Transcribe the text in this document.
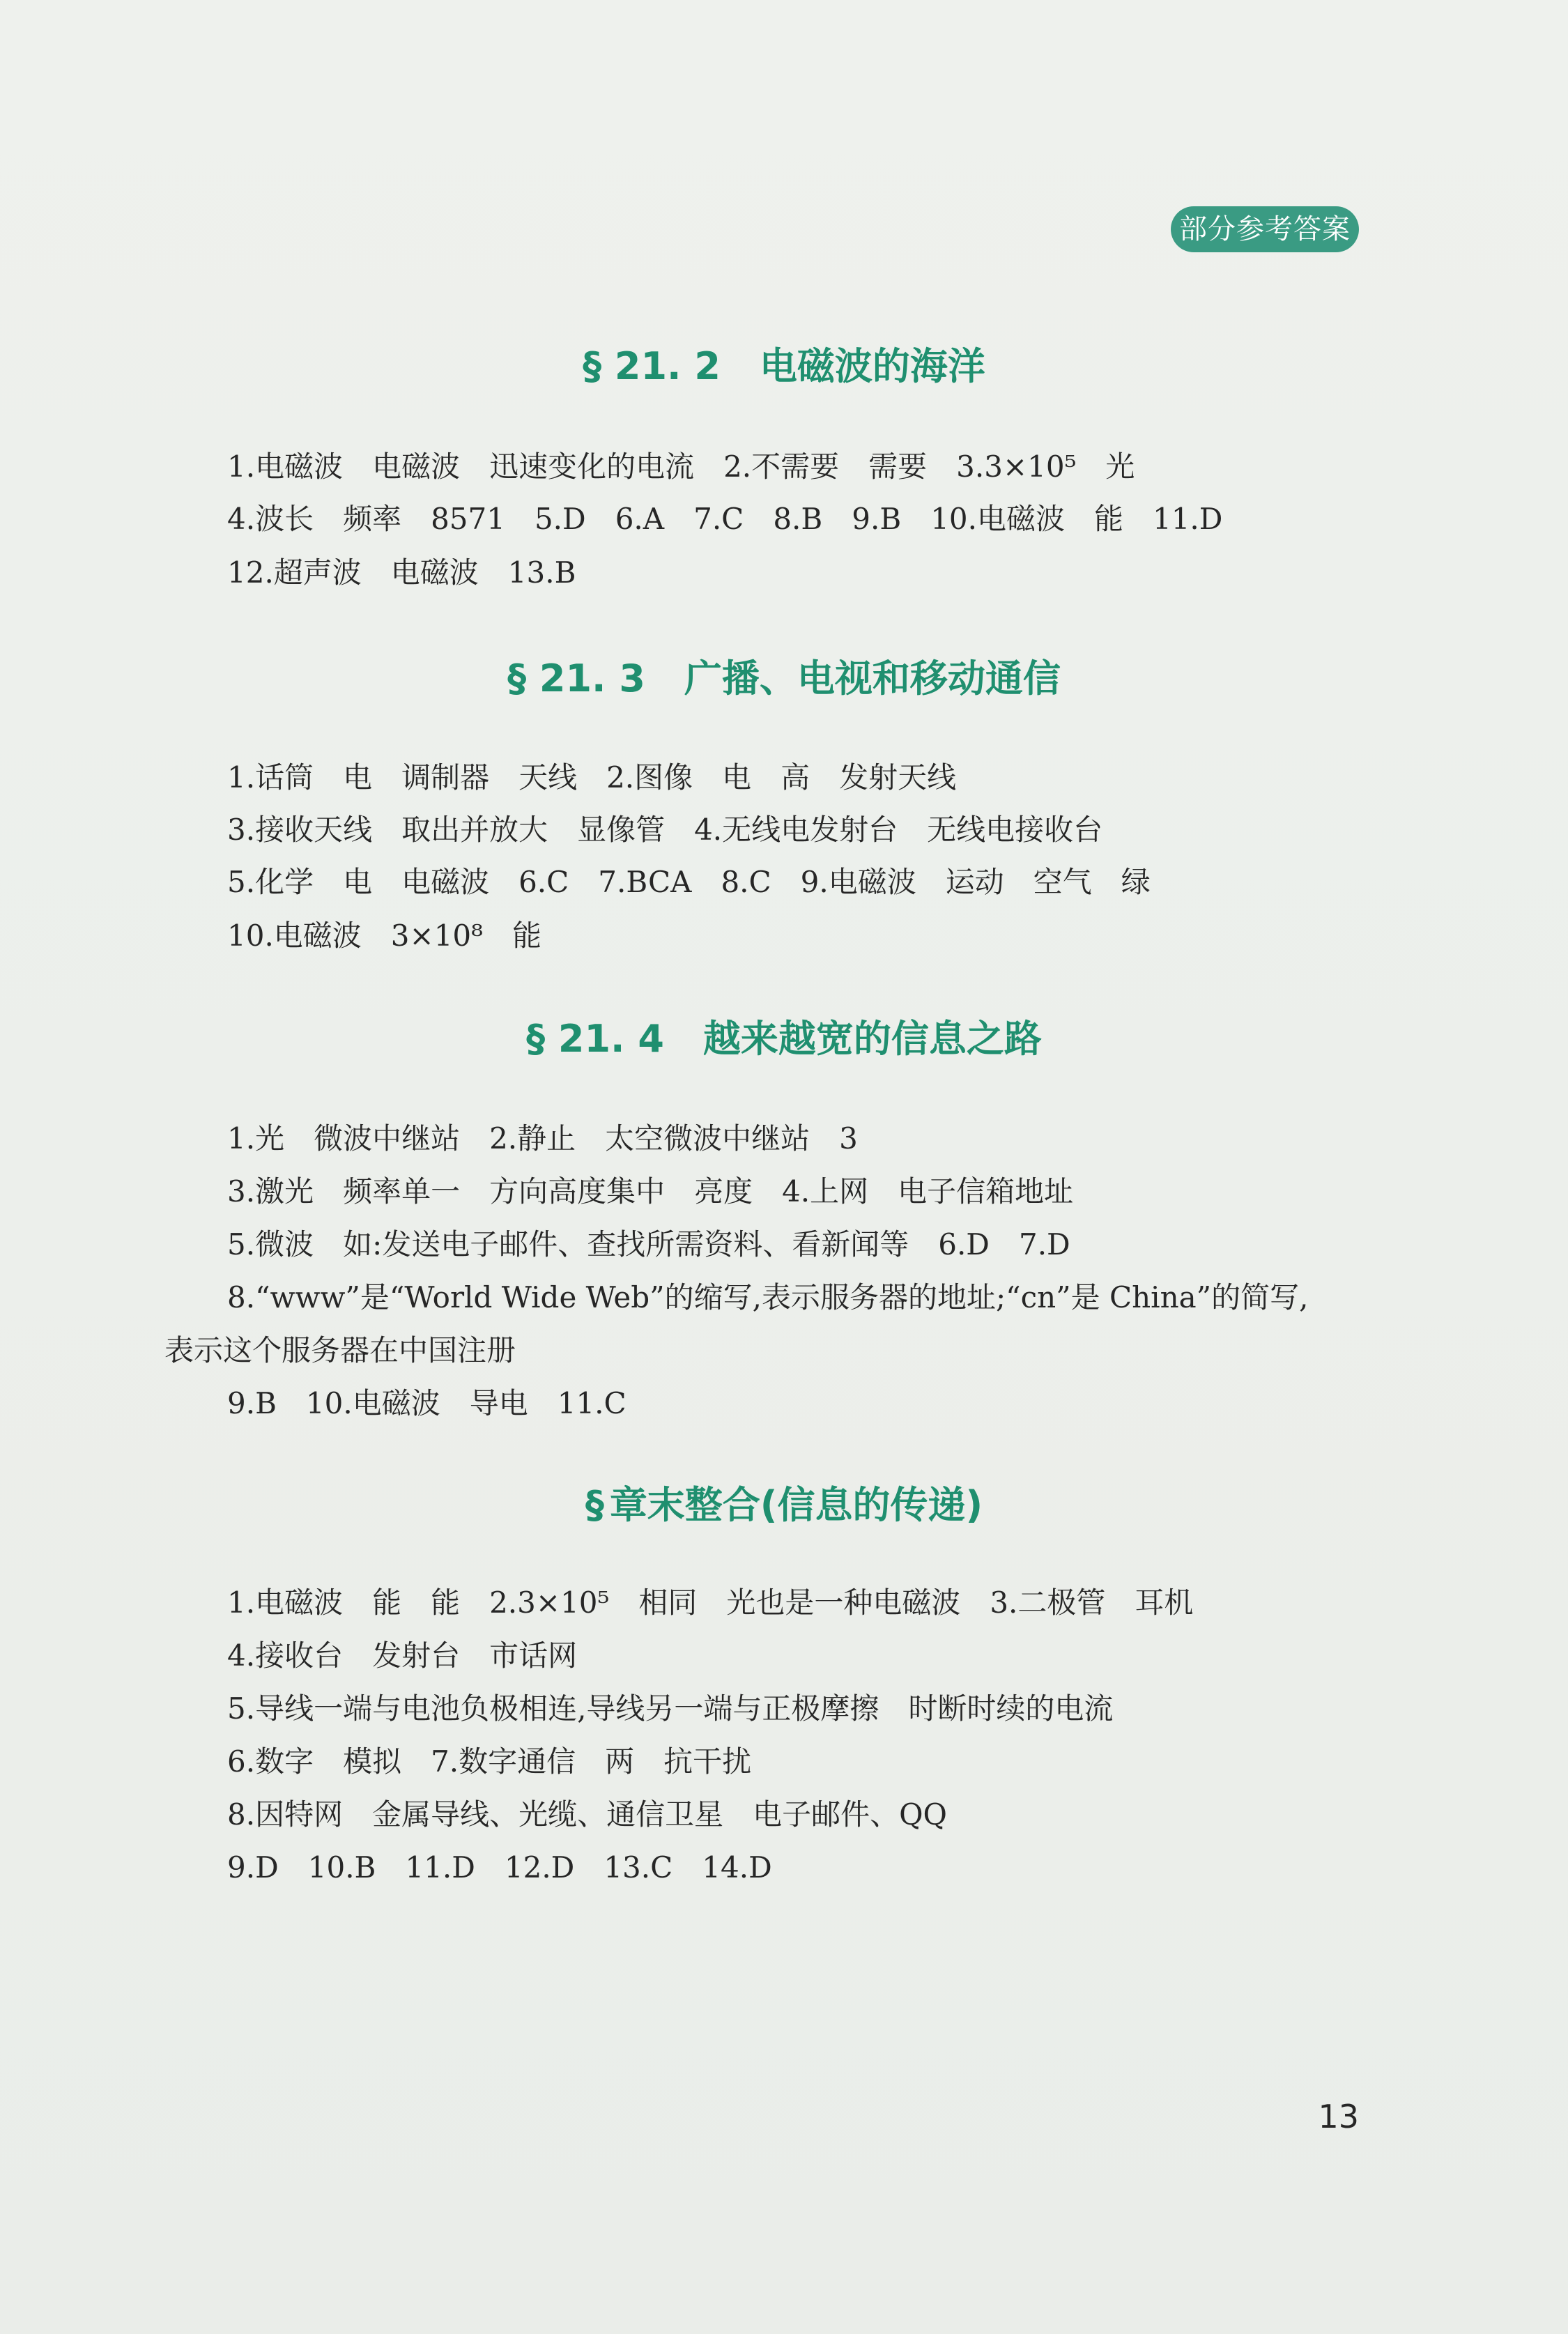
部分参考答案
§ 21. 2 电磁波的海洋
1.电磁波　电磁波　迅速变化的电流　2.不需要　需要　3.3×10⁵　光
4.波长　频率　8571　5.D　6.A　7.C　8.B　9.B　10.电磁波　能　11.D
12.超声波　电磁波　13.B
§ 21. 3 广播、电视和移动通信
1.话筒　电　调制器　天线　2.图像　电　高　发射天线
3.接收天线　取出并放大　显像管　4.无线电发射台　无线电接收台
5.化学　电　电磁波　6.C　7.BCA　8.C　9.电磁波　运动　空气　绿
10.电磁波　3×10⁸　能
§ 21. 4 越来越宽的信息之路
1.光　微波中继站　2.静止　太空微波中继站　3
3.激光　频率单一　方向高度集中　亮度　4.上网　电子信箱地址
5.微波　如:发送电子邮件、查找所需资料、看新闻等　6.D　7.D
8.“www”是“World Wide Web”的缩写,表示服务器的地址;“cn”是 China”的简写,
表示这个服务器在中国注册
9.B　10.电磁波　导电　11.C
§ 章末整合(信息的传递)
1.电磁波　能　能　2.3×10⁵　相同　光也是一种电磁波　3.二极管　耳机
4.接收台　发射台　市话网
5.导线一端与电池负极相连,导线另一端与正极摩擦　时断时续的电流
6.数字　模拟　7.数字通信　两　抗干扰
8.因特网　金属导线、光缆、通信卫星　电子邮件、QQ
9.D　10.B　11.D　12.D　13.C　14.D
13
